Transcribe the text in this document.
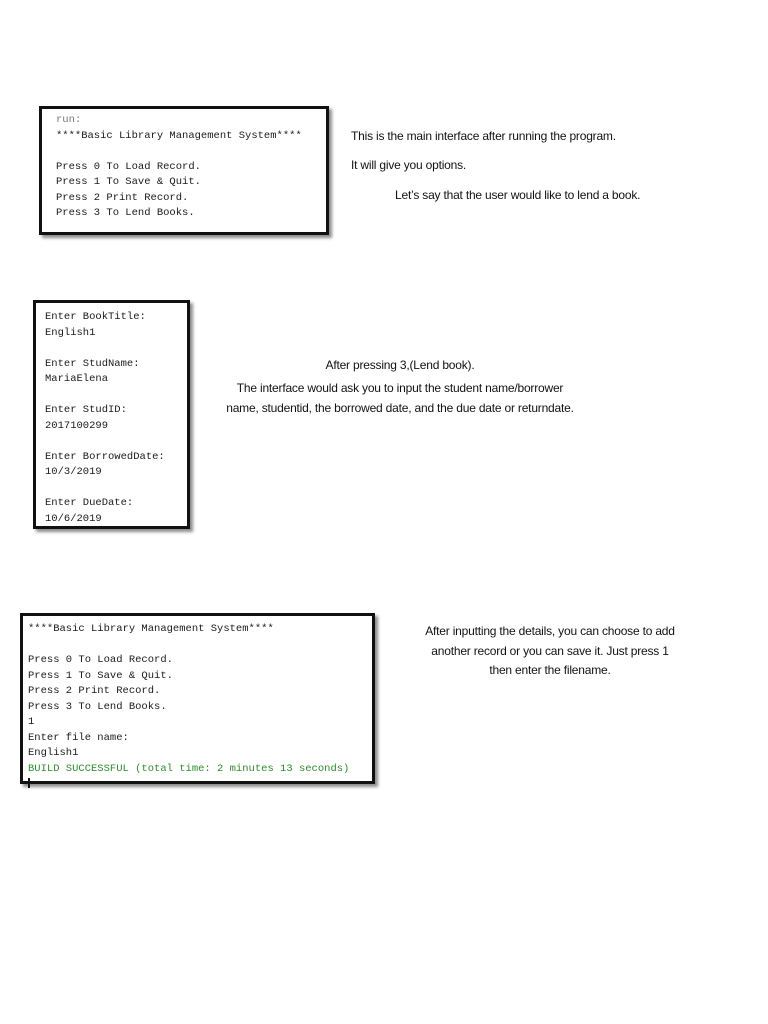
run:
****Basic Library Management System****
Press 0 To Load Record.
Press 1 To Save & Quit.
Press 2 Print Record.
Press 3 To Lend Books.
This is the main interface after running the program.
It will give you options.
Let’s say that the user would like to lend a book.
Enter BookTitle:
English1
Enter StudName:
MariaElena
Enter StudID:
2017100299
Enter BorrowedDate:
10/3/2019
Enter DueDate:
10/6/2019
After pressing 3,(Lend book).
The interface would ask you to input the student name/borrower
name, studentid, the borrowed date, and the due date or returndate.
****Basic Library Management System****
Press 0 To Load Record.
Press 1 To Save & Quit.
Press 2 Print Record.
Press 3 To Lend Books.
1
Enter file name:
English1
BUILD SUCCESSFUL (total time: 2 minutes 13 seconds)
After inputting the details, you can choose to add
another record or you can save it. Just press 1
then enter the filename.
